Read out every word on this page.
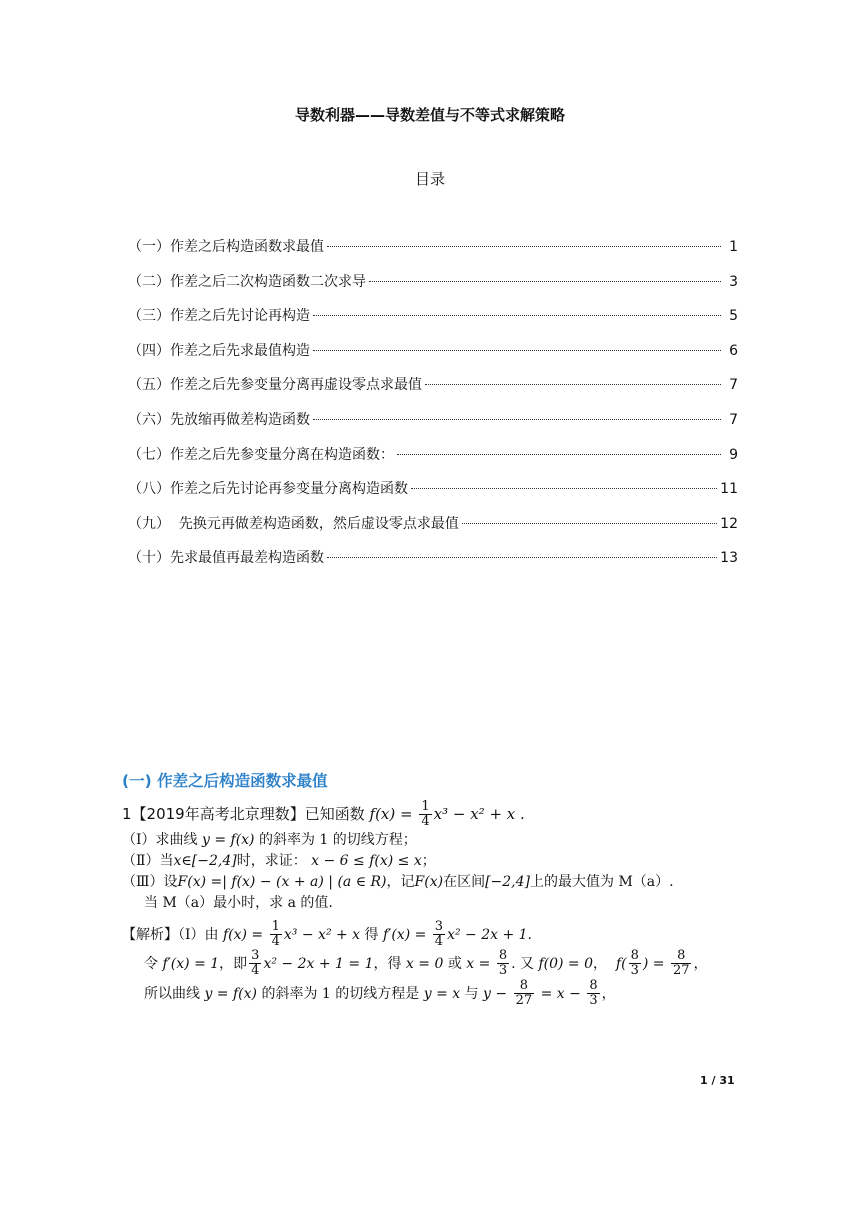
导数利器——导数差值与不等式求解策略
目录
（一）作差之后构造函数求最值	1
（二）作差之后二次构造函数二次求导	3
（三）作差之后先讨论再构造	5
（四）作差之后先求最值构造	6
（五）作差之后先参变量分离再虚设零点求最值	7
（六）先放缩再做差构造函数	7
（七）作差之后先参变量分离在构造函数：	9
（八）作差之后先讨论再参变量分离构造函数	11
（九）  先换元再做差构造函数，然后虚设零点求最值	12
（十）先求最值再最差构造函数	13
(一) 作差之后构造函数求最值

1【2019年高考北京理数】已知函数 $f(x) = \frac{1}{4} x^3 - x^2 + x$ .

（Ⅰ）求曲线 y = f(x) 的斜率为 1 的切线方程；

（Ⅱ）当x∈[−2,4]时，求证： x − 6 ≤ f(x) ≤ x；

（Ⅲ）设F(x) =| f(x) − (x + a) | (a ∈ R)，记F(x)在区间[−2,4]上的最大值为 M（a）.

当 M（a）最小时，求 a 的值.

【解析】（Ⅰ）由 $f(x) = \frac{1}{4} x^3 - x^2 + x$ 得 $f'(x) = \frac{3}{4} x^2 - 2x + 1$.

令 f′(x) = 1，即 $\frac{3}{4} x^2 - 2x + 1 = 1$，得 x = 0 或 $x = \frac{8}{3}$ . 又 f(0) = 0，  $f( \frac{8}{3}$ ) = $\frac{8}{27}$ ，

所以曲线 y = f(x) 的斜率为 1 的切线方程是 y = x 与 $y - \frac{8}{27} = x - \frac{8}{3}$ ，

1 / 31
